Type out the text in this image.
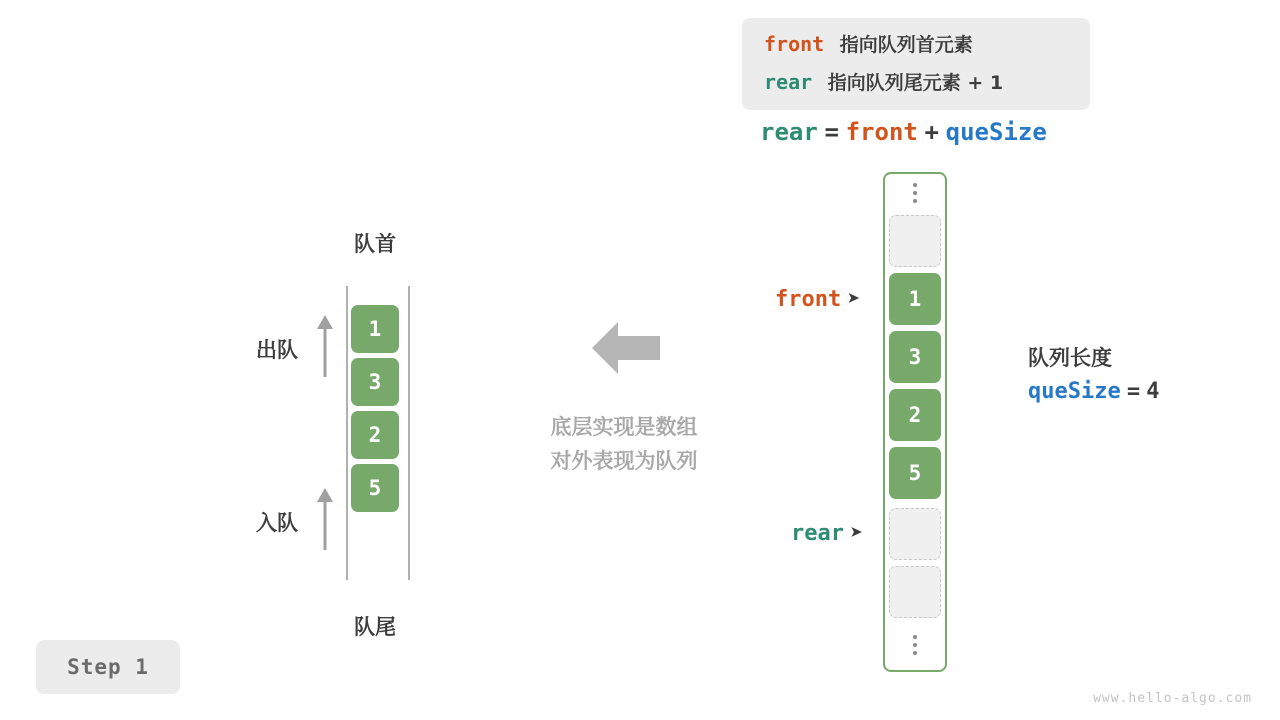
front 指向队列首元素
rear 指向队列尾元素 + 1
rear = front + queSize
队首
队尾
1
3
2
5
出队
入队
底层实现是数组
对外表现为队列
1
3
2
5
front ➤
rear ➤
队列长度
queSize = 4
Step 1
www.hello-algo.com
